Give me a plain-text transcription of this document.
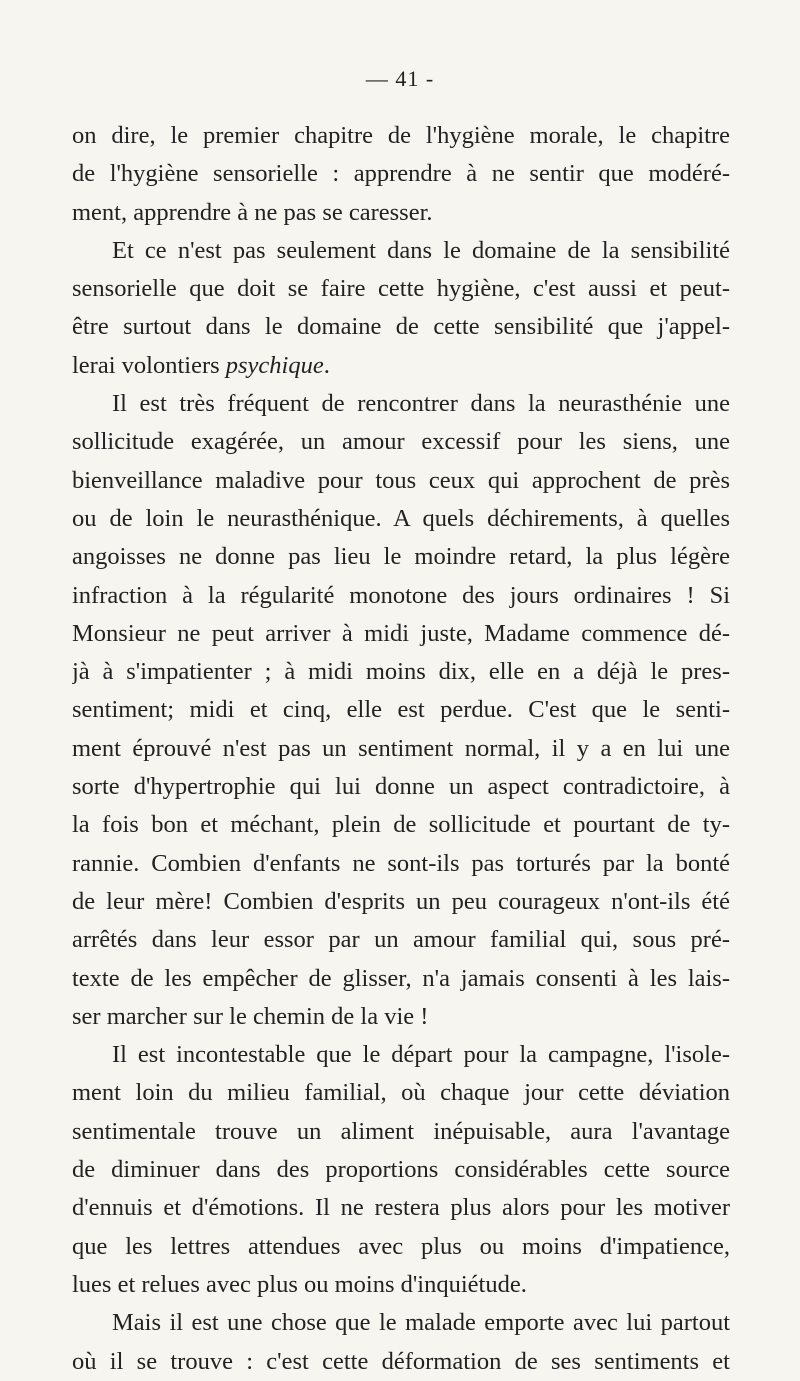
— 41 -
on dire, le premier chapitre de l'hygiène morale, le chapitre
de l'hygiène sensorielle : apprendre à ne sentir que modéré-
ment, apprendre à ne pas se caresser.
Et ce n'est pas seulement dans le domaine de la sensibilité
sensorielle que doit se faire cette hygiène, c'est aussi et peut-
être surtout dans le domaine de cette sensibilité que j'appel-
lerai volontiers psychique.
Il est très fréquent de rencontrer dans la neurasthénie une
sollicitude exagérée, un amour excessif pour les siens, une
bienveillance maladive pour tous ceux qui approchent de près
ou de loin le neurasthénique. A quels déchirements, à quelles
angoisses ne donne pas lieu le moindre retard, la plus légère
infraction à la régularité monotone des jours ordinaires ! Si
Monsieur ne peut arriver à midi juste, Madame commence dé-
jà à s'impatienter ; à midi moins dix, elle en a déjà le pres-
sentiment; midi et cinq, elle est perdue. C'est que le senti-
ment éprouvé n'est pas un sentiment normal, il y a en lui une
sorte d'hypertrophie qui lui donne un aspect contradictoire, à
la fois bon et méchant, plein de sollicitude et pourtant de ty-
rannie. Combien d'enfants ne sont-ils pas torturés par la bonté
de leur mère! Combien d'esprits un peu courageux n'ont-ils été
arrêtés dans leur essor par un amour familial qui, sous pré-
texte de les empêcher de glisser, n'a jamais consenti à les lais-
ser marcher sur le chemin de la vie !
Il est incontestable que le départ pour la campagne, l'isole-
ment loin du milieu familial, où chaque jour cette déviation
sentimentale trouve un aliment inépuisable, aura l'avantage
de diminuer dans des proportions considérables cette source
d'ennuis et d'émotions. Il ne restera plus alors pour les motiver
que les lettres attendues avec plus ou moins d'impatience,
lues et relues avec plus ou moins d'inquiétude.
Mais il est une chose que le malade emporte avec lui partout
où il se trouve : c'est cette déformation de ses sentiments et
